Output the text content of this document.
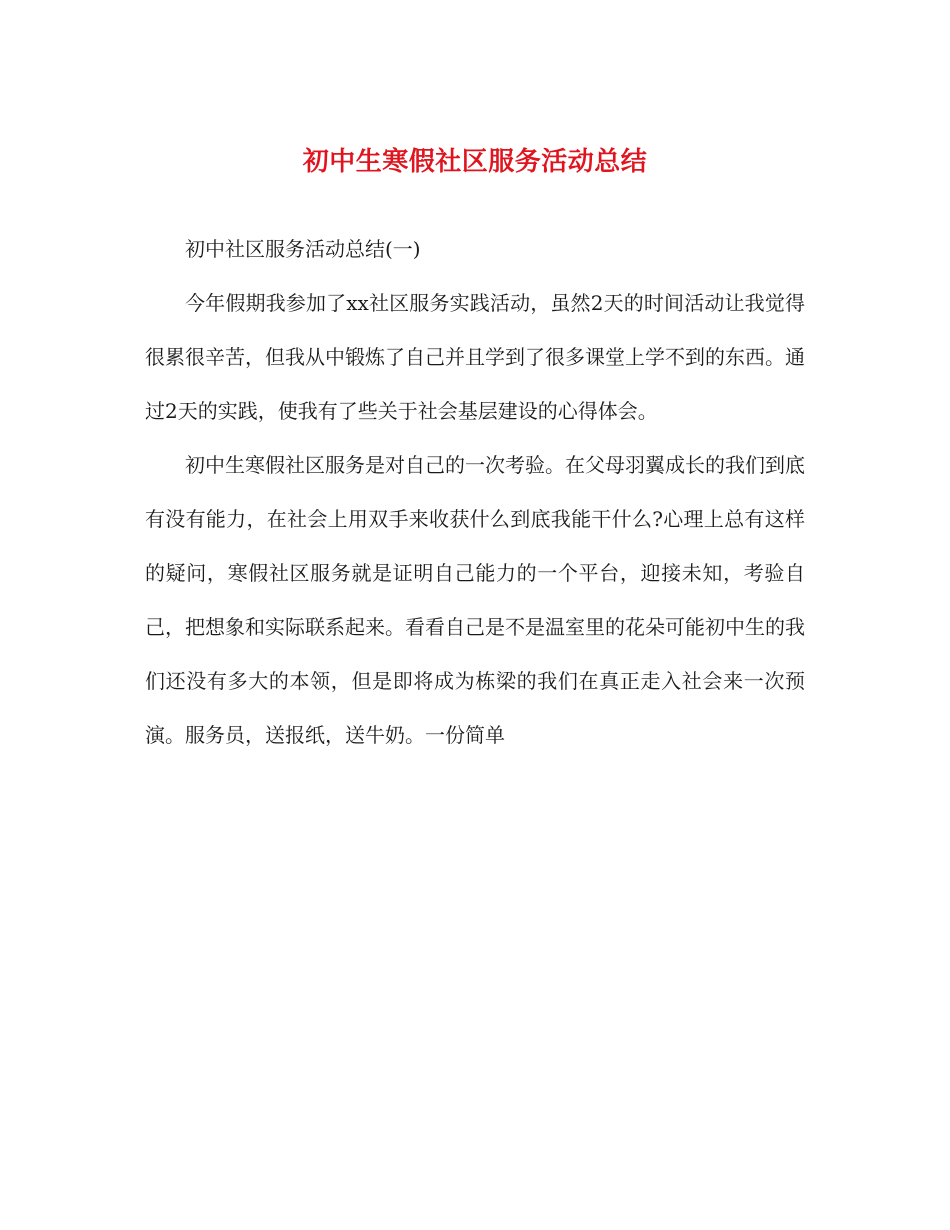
初中生寒假社区服务活动总结

初中社区服务活动总结(一)

今年假期我参加了xx社区服务实践活动，虽然2天的时间活动让我觉得很累很辛苦，但我从中锻炼了自己并且学到了很多课堂上学不到的东西。通过2天的实践，使我有了些关于社会基层建设的心得体会。

初中生寒假社区服务是对自己的一次考验。在父母羽翼成长的我们到底有没有能力，在社会上用双手来收获什么到底我能干什么?心理上总有这样的疑问，寒假社区服务就是证明自己能力的一个平台，迎接未知，考验自己，把想象和实际联系起来。看看自己是不是温室里的花朵可能初中生的我们还没有多大的本领，但是即将成为栋梁的我们在真正走入社会来一次预演。服务员，送报纸，送牛奶。一份简单
